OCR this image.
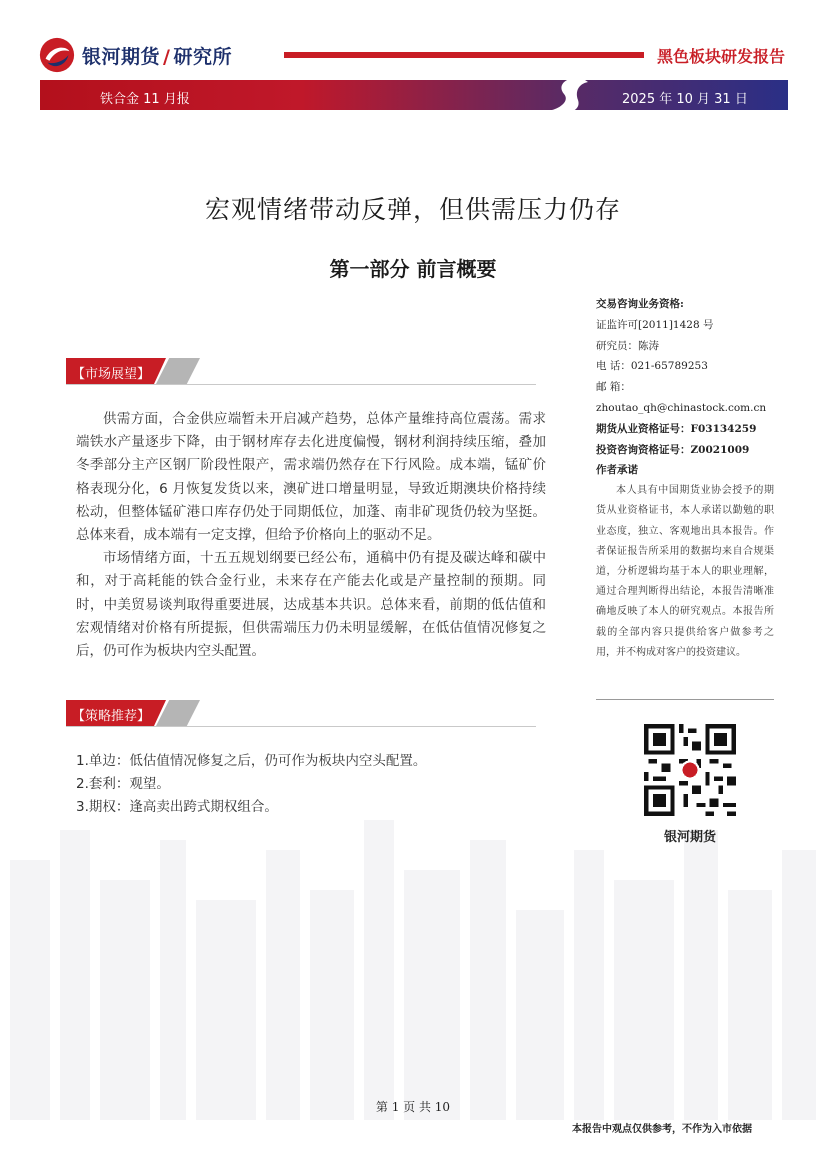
银河期货 / 研究所	黑色板块研发报告
铁合金 11 月报	2025 年 10 月 31 日
宏观情绪带动反弹，但供需压力仍存
第一部分 前言概要
【市场展望】

供需方面，合金供应端暂未开启减产趋势，总体产量维持高位震荡。需求端铁水产量逐步下降，由于钢材库存去化进度偏慢，钢材利润持续压缩，叠加冬季部分主产区钢厂阶段性限产，需求端仍然存在下行风险。成本端，锰矿价格表现分化，6 月恢复发货以来，澳矿进口增量明显，导致近期澳块价格持续松动，但整体锰矿港口库存仍处于同期低位，加蓬、南非矿现货仍较为坚挺。总体来看，成本端有一定支撑，但给予价格向上的驱动不足。

市场情绪方面，十五五规划纲要已经公布，通稿中仍有提及碳达峰和碳中和，对于高耗能的铁合金行业，未来存在产能去化或是产量控制的预期。同时，中美贸易谈判取得重要进展，达成基本共识。总体来看，前期的低估值和宏观情绪对价格有所提振，但供需端压力仍未明显缓解，在低估值情况修复之后，仍可作为板块内空头配置。

【策略推荐】
1.单边：低估值情况修复之后，仍可作为板块内空头配置。
2.套利：观望。
3.期权：逢高卖出跨式期权组合。
交易咨询业务资格:
证监许可[2011]1428 号
研究员：陈涛
电 话：021-65789253
邮 箱：
zhoutao_qh@chinastock.com.cn
期货从业资格证号：F03134259
投资咨询资格证号：Z0021009
作者承诺

本人具有中国期货业协会授予的期货从业资格证书，本人承诺以勤勉的职业态度，独立、客观地出具本报告。作者保证报告所采用的数据均来自合规渠道，分析逻辑均基于本人的职业理解，通过合理判断得出结论，本报告清晰准确地反映了本人的研究观点。本报告所载的全部内容只提供给客户做参考之用，并不构成对客户的投资建议。

银河期货
第 1 页 共 10
本报告中观点仅供参考，不作为入市依据
